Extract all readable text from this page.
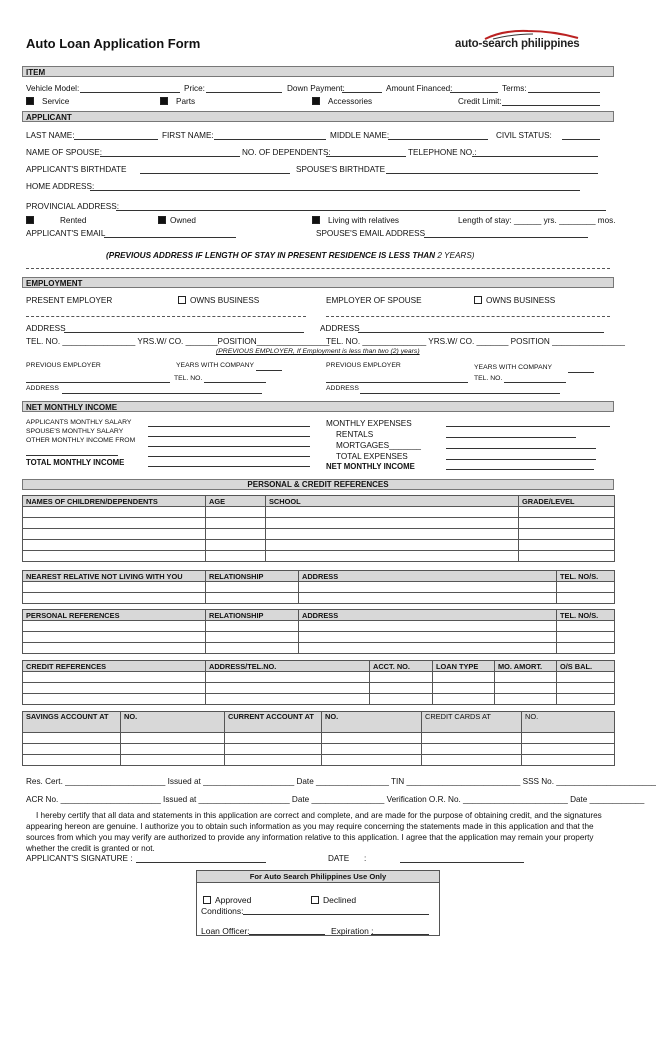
Auto Loan Application Form	auto-search philippines
ITEM
Vehicle Model:	Price:	Down Payment:	Amount Financed:	Terms:
Service	Parts	Accessories	Credit Limit:
APPLICANT
LAST NAME:	FIRST NAME:	MIDDLE NAME:	CIVIL STATUS:
NAME OF SPOUSE:	NO. OF DEPENDENTS:	TELEPHONE NO.:
APPLICANT'S BIRTHDATE	SPOUSE'S BIRTHDATE
HOME ADDRESS:
PROVINCIAL ADDRESS:
Rented	Owned	Living with relatives	Length of stay: ______ yrs. ________ mos.
APPLICANT'S EMAIL	SPOUSE'S EMAIL ADDRESS
(PREVIOUS ADDRESS IF LENGTH OF STAY IN PRESENT RESIDENCE IS LESS THAN 2 YEARS)
EMPLOYMENT
PRESENT EMPLOYER	OWNS BUSINESS	EMPLOYER OF SPOUSE	OWNS BUSINESS
ADDRESS	ADDRESS
TEL. NO. ________________ YRS.W/ CO. _______POSITION________________
TEL. NO. ______________ YRS.W/ CO. _______ POSITION ________________
(PREVIOUS EMPLOYER, If Employment is less than two (2) years)
PREVIOUS EMPLOYER	YEARS WITH COMPANY	PREVIOUS EMPLOYER	YEARS WITH COMPANY
TEL. NO.	TEL. NO.
ADDRESS	ADDRESS
NET MONTHLY INCOME
APPLICANTS MONTHLY SALARY
SPOUSE'S MONTHLY SALARY
OTHER MONTHLY INCOME FROM
TOTAL MONTHLY INCOME
MONTHLY EXPENSES
RENTALS
MORTGAGES_______
TOTAL EXPENSES
NET MONTHLY INCOME
PERSONAL & CREDIT REFERENCES
NAMES OF CHILDREN/DEPENDENTS	AGE	SCHOOL	GRADE/LEVEL

NEAREST RELATIVE NOT LIVING WITH YOU	RELATIONSHIP	ADDRESS	TEL. NO/S.

PERSONAL REFERENCES	RELATIONSHIP	ADDRESS	TEL. NO/S.

CREDIT REFERENCES	ADDRESS/TEL.NO.	ACCT. NO.	LOAN TYPE	MO. AMORT.	O/S BAL.

SAVINGS ACCOUNT AT	NO.	CURRENT ACCOUNT AT	NO.	CREDIT CARDS AT	NO.

Res. Cert. ______________________ Issued at ____________________ Date ________________ TIN _________________________ SSS No. ______________________
ACR No. ______________________ Issued at ____________________ Date ________________ Verification O.R. No. _______________________ Date ____________
I hereby certify that all data and statements in this application are correct and complete, and are made for the purpose of obtaining credit, and the signatures appearing hereon are genuine. I authorize you to obtain such information as you may require concerning the statements made in this application and that the sources from which you may verify are authorized to provide any information relative to this application. I agree that the application may remain your property whether the credit is granted or not.
APPLICANT'S SIGNATURE :	DATE :
For Auto Search Philippines Use Only
Approved	Declined
Conditions:
Loan Officer:	Expiration :
